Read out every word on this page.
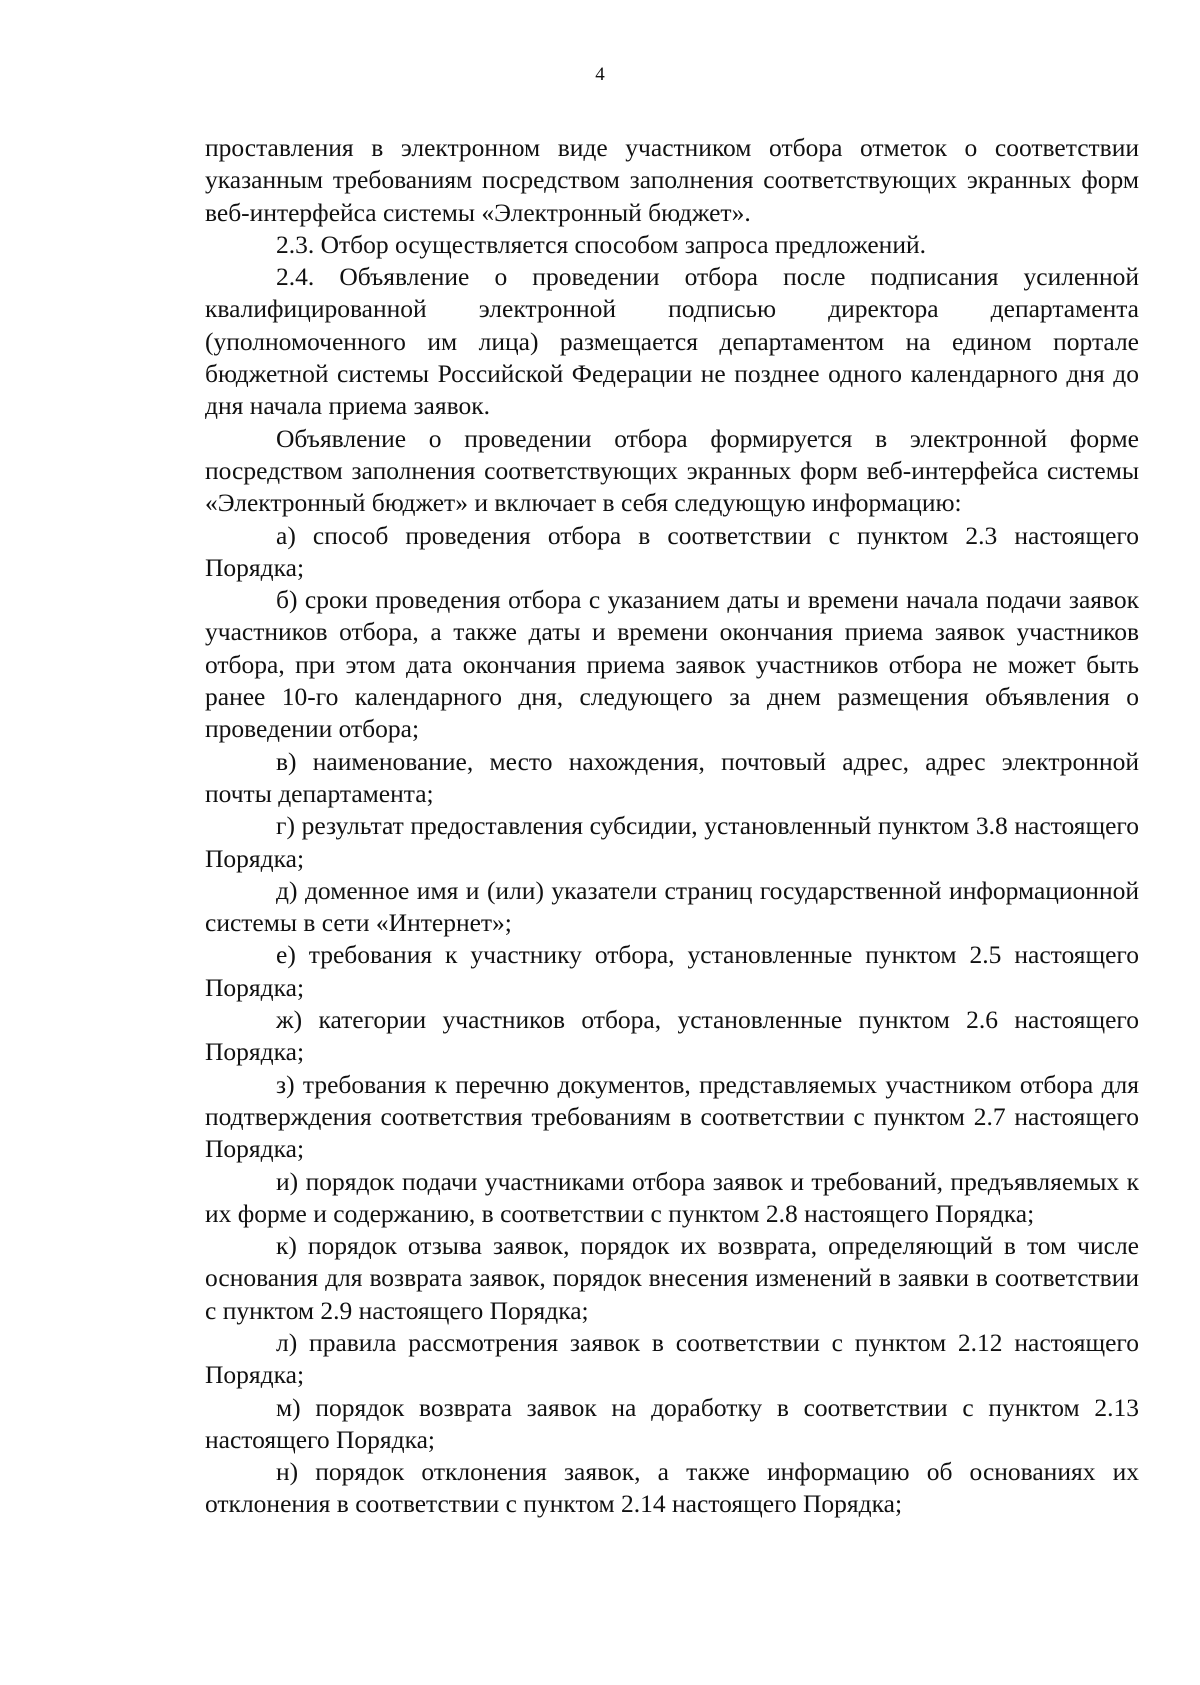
4

проставления в электронном виде участником отбора отметок о соответствии указанным требованиям посредством заполнения соответствующих экранных форм веб-интерфейса системы «Электронный бюджет».

2.3. Отбор осуществляется способом запроса предложений.

2.4. Объявление о проведении отбора после подписания усиленной квалифицированной электронной подписью директора департамента (уполномоченного им лица) размещается департаментом на едином портале бюджетной системы Российской Федерации не позднее одного календарного дня до дня начала приема заявок.

Объявление о проведении отбора формируется в электронной форме посредством заполнения соответствующих экранных форм веб-интерфейса системы «Электронный бюджет» и включает в себя следующую информацию:

а) способ проведения отбора в соответствии с пунктом 2.3 настоящего Порядка;

б) сроки проведения отбора с указанием даты и времени начала подачи заявок участников отбора, а также даты и времени окончания приема заявок участников отбора, при этом дата окончания приема заявок участников отбора не может быть ранее 10-го календарного дня, следующего за днем размещения объявления о проведении отбора;

в) наименование, место нахождения, почтовый адрес, адрес электронной почты департамента;

г) результат предоставления субсидии, установленный пунктом 3.8 настоящего Порядка;

д) доменное имя и (или) указатели страниц государственной информационной системы в сети «Интернет»;

е) требования к участнику отбора, установленные пунктом 2.5 настоящего Порядка;

ж) категории участников отбора, установленные пунктом 2.6 настоящего Порядка;

з) требования к перечню документов, представляемых участником отбора для подтверждения соответствия требованиям в соответствии с пунктом 2.7 настоящего Порядка;

и) порядок подачи участниками отбора заявок и требований, предъявляемых к их форме и содержанию, в соответствии с пунктом 2.8 настоящего Порядка;

к) порядок отзыва заявок, порядок их возврата, определяющий в том числе основания для возврата заявок, порядок внесения изменений в заявки в соответствии с пунктом 2.9 настоящего Порядка;

л) правила рассмотрения заявок в соответствии с пунктом 2.12 настоящего Порядка;

м) порядок возврата заявок на доработку в соответствии с пунктом 2.13 настоящего Порядка;

н) порядок отклонения заявок, а также информацию об основаниях их отклонения в соответствии с пунктом 2.14 настоящего Порядка;
